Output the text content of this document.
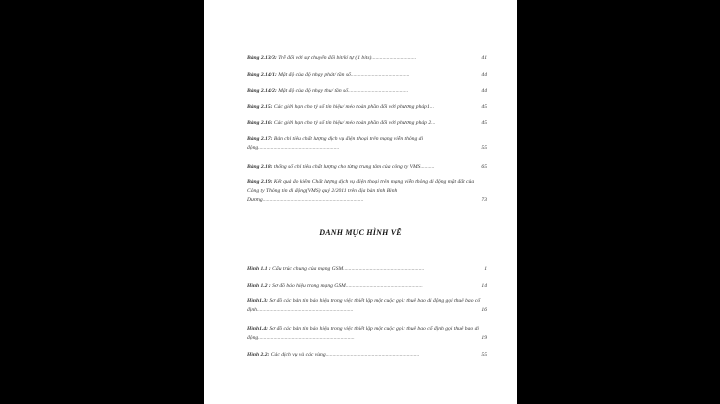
Bảng 2.13/3: Trễ đối với sự chuyển đổi bit/kí tự (1 bits)................................	41
Bảng 2.14/1: Mật độ của độ nhạy phát/ tần số..........................................	44
Bảng 2.14/2: Mật độ của độ nhạy thu/ tần số...........................................	44
Bảng 2.15: Các giới hạn cho tỷ số tín hiệu/ méo toàn phần đối với phương pháp1...	45
Bảng 2.16: Các giới hạn cho tỷ số tín hiệu/ méo toàn phần đối với phương pháp 2...	45
Bảng 2.17: Bản chỉ tiêu chất lượng dịch vụ điện thoại trên mạng viễn thông di động..........................................................	55
Bảng 2.18: thống số chỉ tiêu chất lượng cho từng trung tâm của công ty VMS..........	65
Bảng 2.19: Kết quả đo kiểm Chất lượng dịch vụ điện thoại trên mạng viễn thông di động mặt đất của Công ty Thông tin di động(VMS) quý 2/2011 trên địa bàn tỉnh Bình Dương........................................................................	73
DANH MỤC HÌNH VẼ
Hình 1.1 : Cấu trúc chung của mạng GSM..........................................................	1
Hình 1.2 : Sơ đồ báo hiệu trong mạng GSM.......................................................	14
Hình1.3: Sơ đồ các bản tin báo hiệu trong việc thiết lập một cuộc gọi: thuê bao di động gọi thuê bao cố định.....................................................................	16
Hình1.4: Sơ đồ các bản tin báo hiệu trong việc thiết lập một cuộc gọi: thuê bao cố định gọi thuê bao di động.....................................................................	19
Hình 2.2: Các dịch vụ và các vùng...................................................................	55
